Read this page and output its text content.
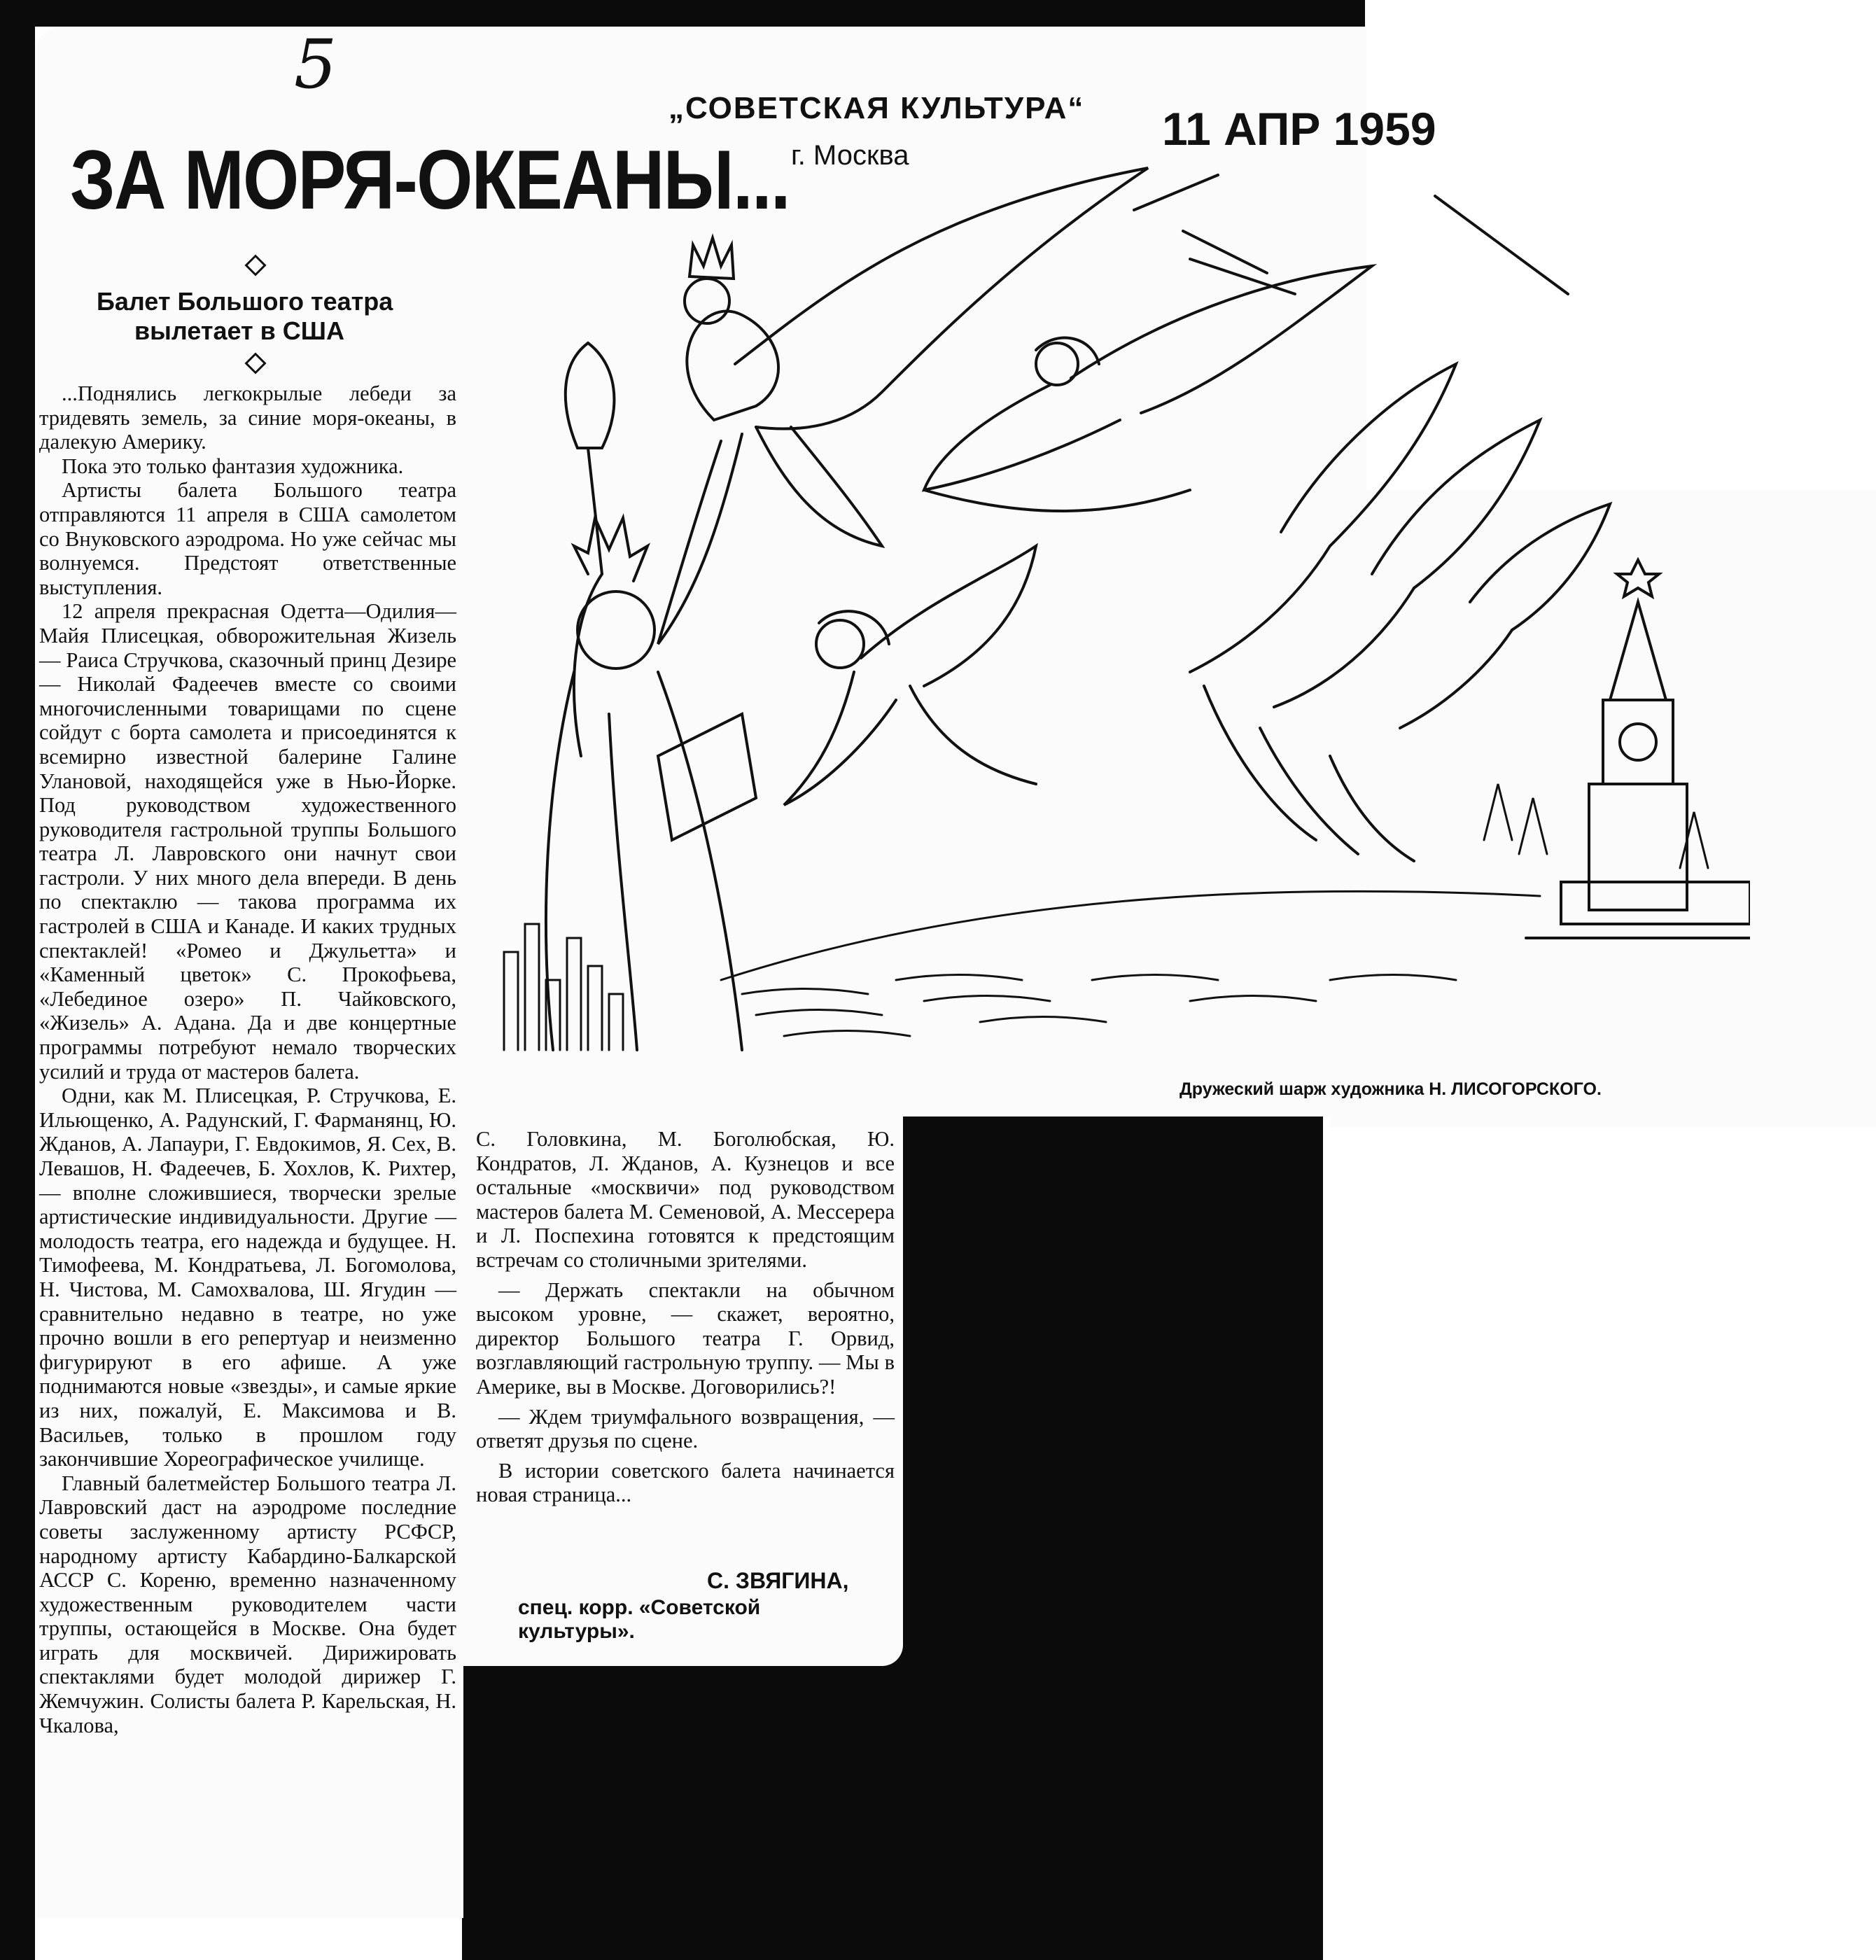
5
„СОВЕТСКАЯ КУЛЬТУРА“
г. Москва
11 АПР 1959
ЗА МОРЯ-ОКЕАНЫ...
Балет Большого театра
вылетает в США

...Поднялись легкокрылые лебеди за тридевять земель, за синие моря-океаны, в далекую Америку.

Пока это только фантазия художника.

Артисты балета Большого театра отправляются 11 апреля в США самолетом со Внуковского аэродрома. Но уже сейчас мы волнуемся. Предстоят ответственные выступления.

12 апреля прекрасная Одетта—Одилия—Майя Плисецкая, обворожительная Жизель — Раиса Стручкова, сказочный принц Дезире — Николай Фадеечев вместе со своими многочисленными товарищами по сцене сойдут с борта самолета и присоединятся к всемирно известной балерине Галине Улановой, находящейся уже в Нью-Йорке. Под руководством художественного руководителя гастрольной труппы Большого театра Л. Лавровского они начнут свои гастроли. У них много дела впереди. В день по спектаклю — такова программа их гастролей в США и Канаде. И каких трудных спектаклей! «Ромео и Джульетта» и «Каменный цветок» С. Прокофьева, «Лебединое озеро» П. Чайковского, «Жизель» А. Адана. Да и две концертные программы потребуют немало творческих усилий и труда от мастеров балета.

Одни, как М. Плисецкая, Р. Стручкова, Е. Ильющенко, А. Радунский, Г. Фарманянц, Ю. Жданов, А. Лапаури, Г. Евдокимов, Я. Сех, В. Левашов, Н. Фадеечев, Б. Хохлов, К. Рихтер, — вполне сложившиеся, творчески зрелые артистические индивидуальности. Другие — молодость театра, его надежда и будущее. Н. Тимофеева, М. Кондратьева, Л. Богомолова, Н. Чистова, М. Самохвалова, Ш. Ягудин — сравнительно недавно в театре, но уже прочно вошли в его репертуар и неизменно фигурируют в его афише. А уже поднимаются новые «звезды», и самые яркие из них, пожалуй, Е. Максимова и В. Васильев, только в прошлом году закончившие Хореографическое училище.

Главный балетмейстер Большого театра Л. Лавровский даст на аэродроме последние советы заслуженному артисту РСФСР, народному артисту Кабардино-Балкарской АССР С. Кореню, временно назначенному художественным руководителем части труппы, остающейся в Москве. Она будет играть для москвичей. Дирижировать спектаклями будет молодой дирижер Г. Жемчужин. Солисты балета Р. Карельская, Н. Чкалова,

С. Головкина, М. Боголюбская, Ю. Кондратов, Л. Жданов, А. Кузнецов и все остальные «москвичи» под руководством мастеров балета М. Семеновой, А. Мессерера и Л. Поспехина готовятся к предстоящим встречам со столичными зрителями.

— Держать спектакли на обычном высоком уровне, — скажет, вероятно, директор Большого театра Г. Орвид, возглавляющий гастрольную труппу. — Мы в Америке, вы в Москве. Договорились?!

— Ждем триумфального возвращения, — ответят друзья по сцене.

В истории советского балета начинается новая страница...

С. ЗВЯГИНА,
спец. корр. «Советской культуры».
Дружеский шарж художника Н. ЛИСОГОРСКОГО.
